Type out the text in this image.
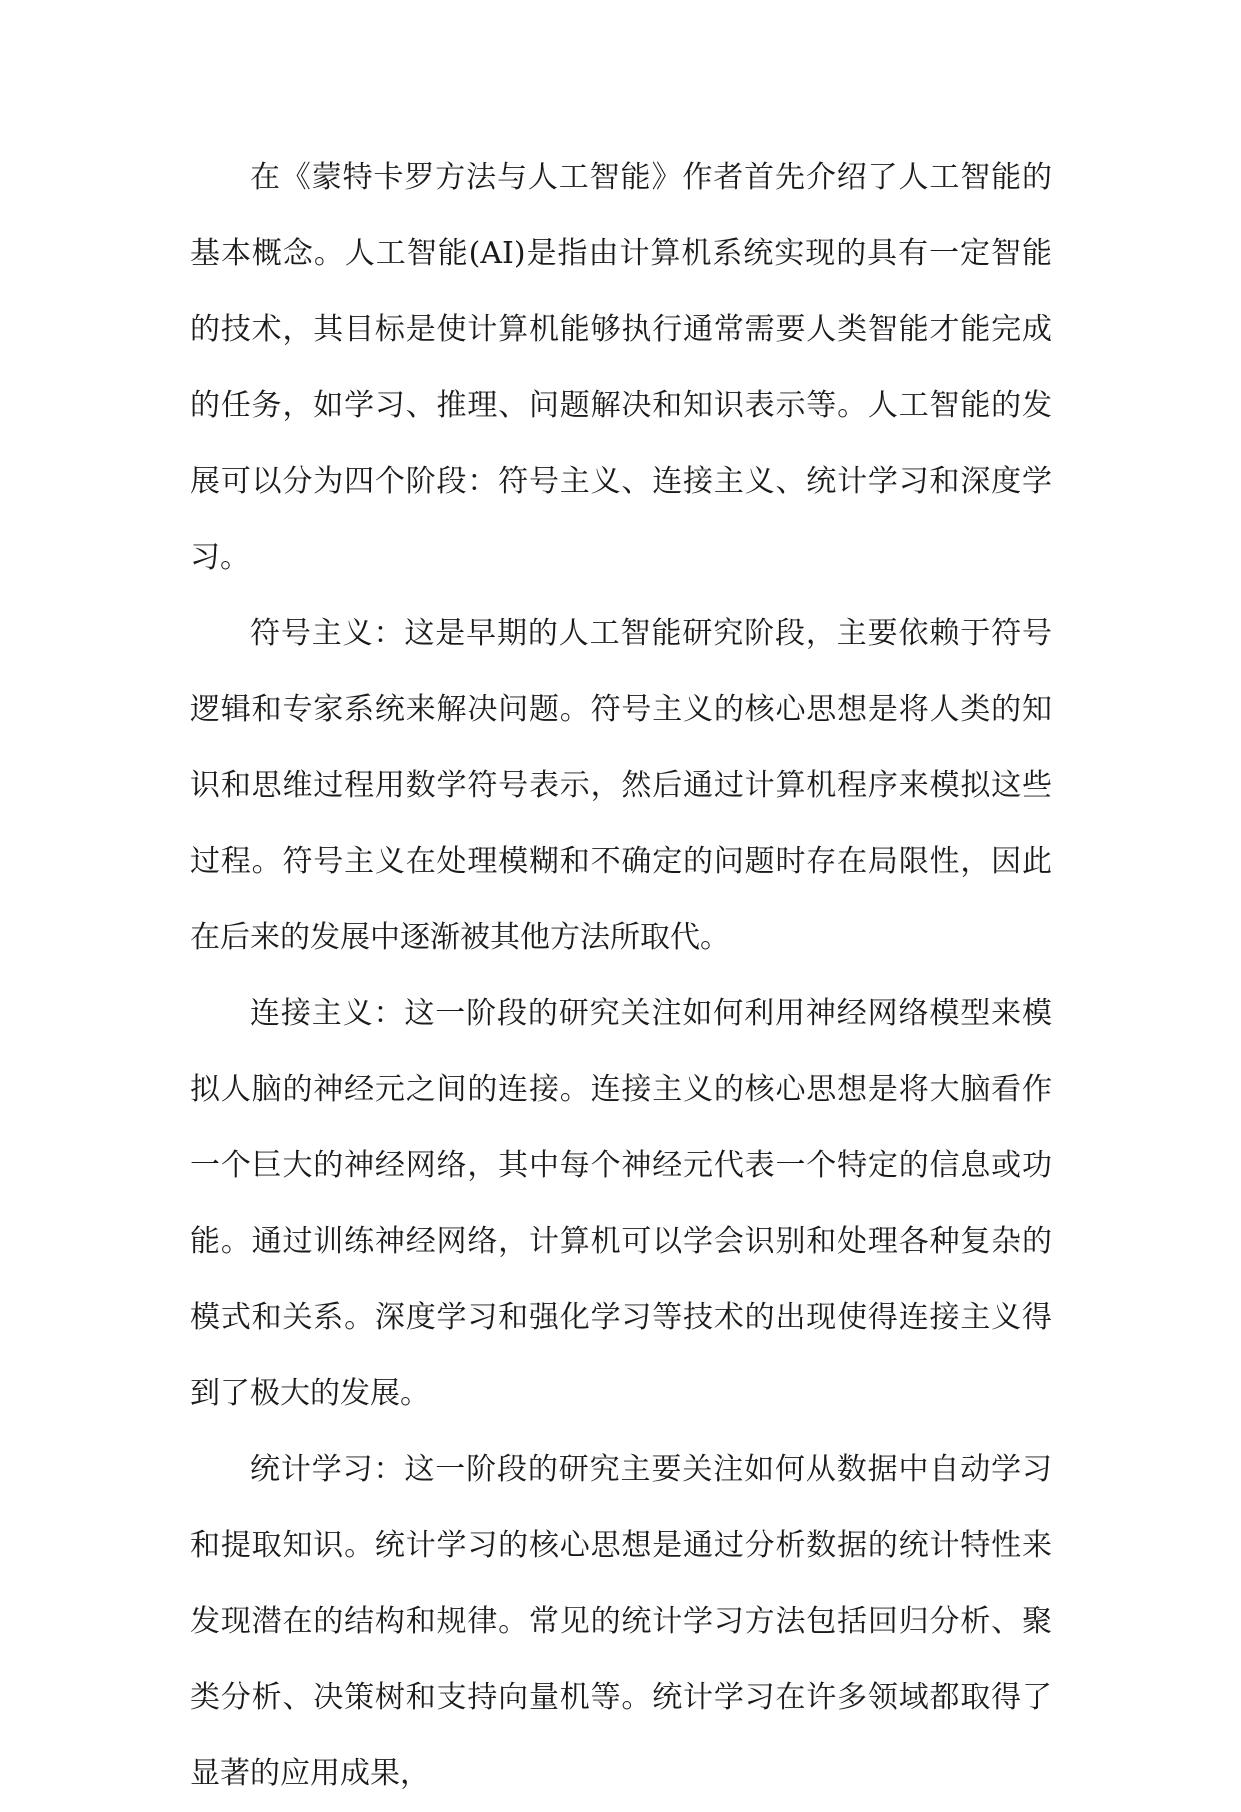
在《蒙特卡罗方法与人工智能》作者首先介绍了人工智能的基本概念。人工智能(AI)是指由计算机系统实现的具有一定智能的技术，其目标是使计算机能够执行通常需要人类智能才能完成的任务，如学习、推理、问题解决和知识表示等。人工智能的发展可以分为四个阶段：符号主义、连接主义、统计学习和深度学习。

符号主义：这是早期的人工智能研究阶段，主要依赖于符号逻辑和专家系统来解决问题。符号主义的核心思想是将人类的知识和思维过程用数学符号表示，然后通过计算机程序来模拟这些过程。符号主义在处理模糊和不确定的问题时存在局限性，因此在后来的发展中逐渐被其他方法所取代。

连接主义：这一阶段的研究关注如何利用神经网络模型来模拟人脑的神经元之间的连接。连接主义的核心思想是将大脑看作一个巨大的神经网络，其中每个神经元代表一个特定的信息或功能。通过训练神经网络，计算机可以学会识别和处理各种复杂的模式和关系。深度学习和强化学习等技术的出现使得连接主义得到了极大的发展。

统计学习：这一阶段的研究主要关注如何从数据中自动学习和提取知识。统计学习的核心思想是通过分析数据的统计特性来发现潜在的结构和规律。常见的统计学习方法包括回归分析、聚类分析、决策树和支持向量机等。统计学习在许多领域都取得了显著的应用成果，
